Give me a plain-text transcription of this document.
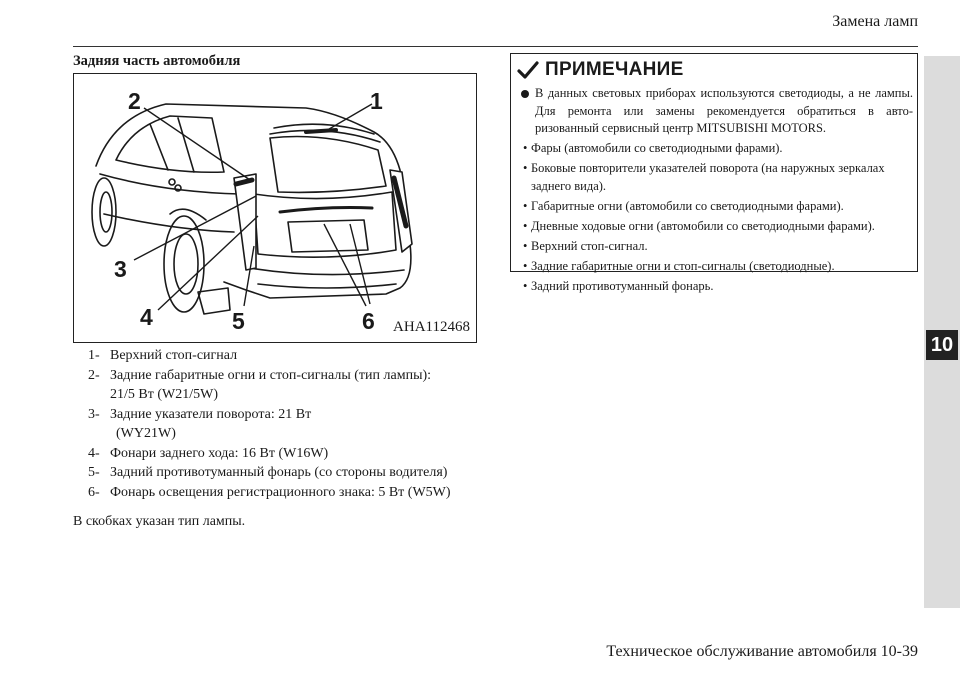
Замена ламп
10
Задняя часть автомобиля
1
2
3
4	5	6 AHA112468
1- Верхний стоп-сигнал
2- Задние габаритные огни и стоп-сигналы (тип лампы):
21/5 Вт (W21/5W)
3- Задние указатели поворота: 21 Вт
(WY21W)
4- Фонари заднего хода: 16 Вт (W16W)
5- Задний противотуманный фонарь (со стороны водителя)
6- Фонарь освещения регистрационного знака: 5 Вт (W5W)
В скобках указан тип лампы.
ПРИМЕЧАНИЕ
В данных световых приборах используются светодиоды, а не лампы. Для ремонта или замены рекомендуется обратиться в авто-ризованный сервисный центр MITSUBISHI MOTORS.
• Фары (автомобили со светодиодными фарами).
• Боковые повторители указателей поворота (на наружных зеркалах заднего вида).
• Габаритные огни (автомобили со светодиодными фарами).
• Дневные ходовые огни (автомобили со светодиодными фарами).
• Верхний стоп-сигнал.
• Задние габаритные огни и стоп-сигналы (светодиодные).
• Задний противотуманный фонарь.
Техническое обслуживание автомобиля 10-39
